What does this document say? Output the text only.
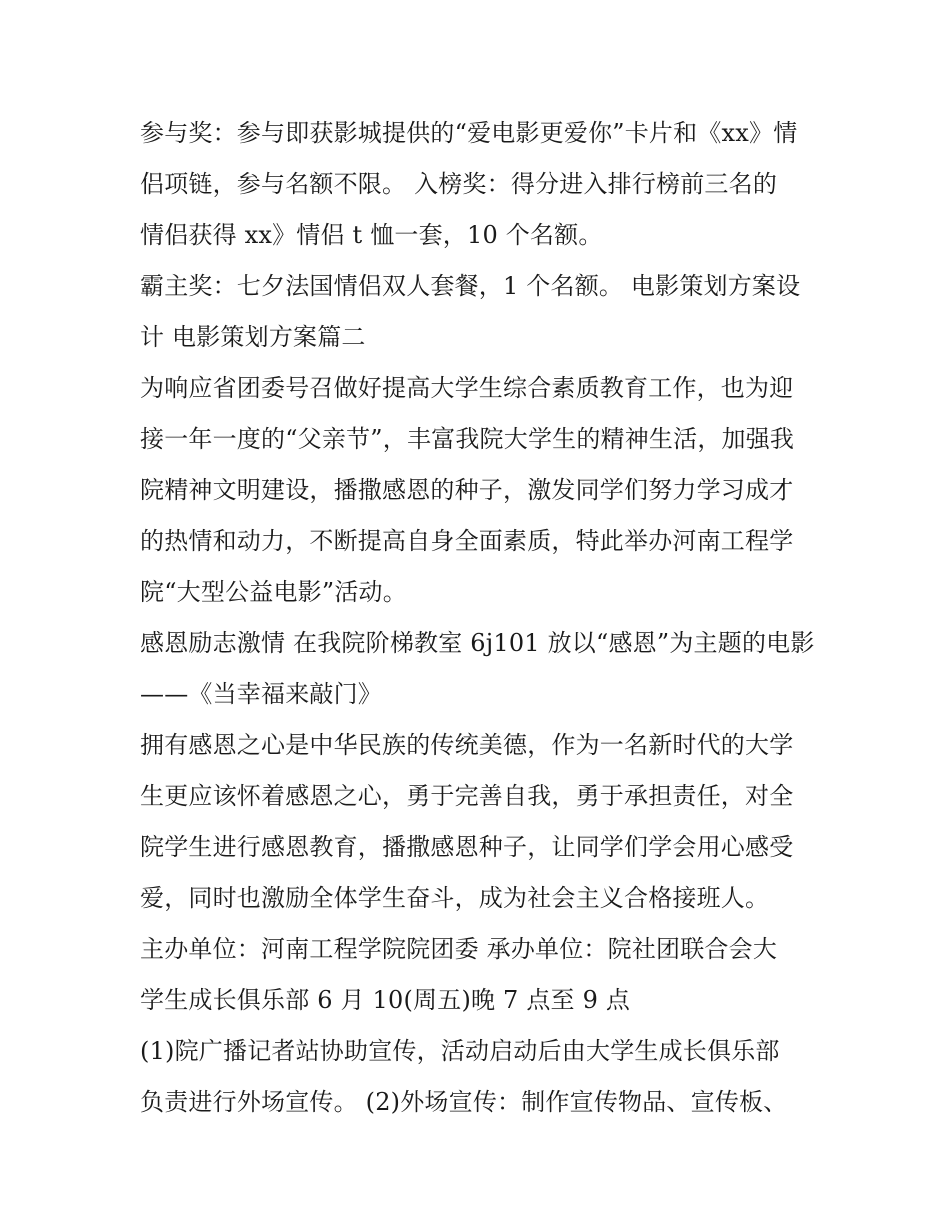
参与奖：参与即获影城提供的“爱电影更爱你”卡片和《xx》情
侣项链，参与名额不限。 入榜奖：得分进入排行榜前三名的
情侣获得 xx》情侣 t 恤一套，10 个名额。
霸主奖：七夕法国情侣双人套餐，1 个名额。 电影策划方案设
计 电影策划方案篇二
为响应省团委号召做好提高大学生综合素质教育工作，也为迎
接一年一度的“父亲节”，丰富我院大学生的精神生活，加强我
院精神文明建设，播撒感恩的种子，激发同学们努力学习成才
的热情和动力，不断提高自身全面素质，特此举办河南工程学
院“大型公益电影”活动。
感恩励志激情 在我院阶梯教室 6j101 放以“感恩”为主题的电影
——《当幸福来敲门》
拥有感恩之心是中华民族的传统美德，作为一名新时代的大学
生更应该怀着感恩之心，勇于完善自我，勇于承担责任，对全
院学生进行感恩教育，播撒感恩种子，让同学们学会用心感受
爱，同时也激励全体学生奋斗，成为社会主义合格接班人。
主办单位：河南工程学院院团委 承办单位：院社团联合会大
学生成长俱乐部 6 月 10(周五)晚 7 点至 9 点
(1)院广播记者站协助宣传，活动启动后由大学生成长俱乐部
负责进行外场宣传。 (2)外场宣传：制作宣传物品、宣传板、
